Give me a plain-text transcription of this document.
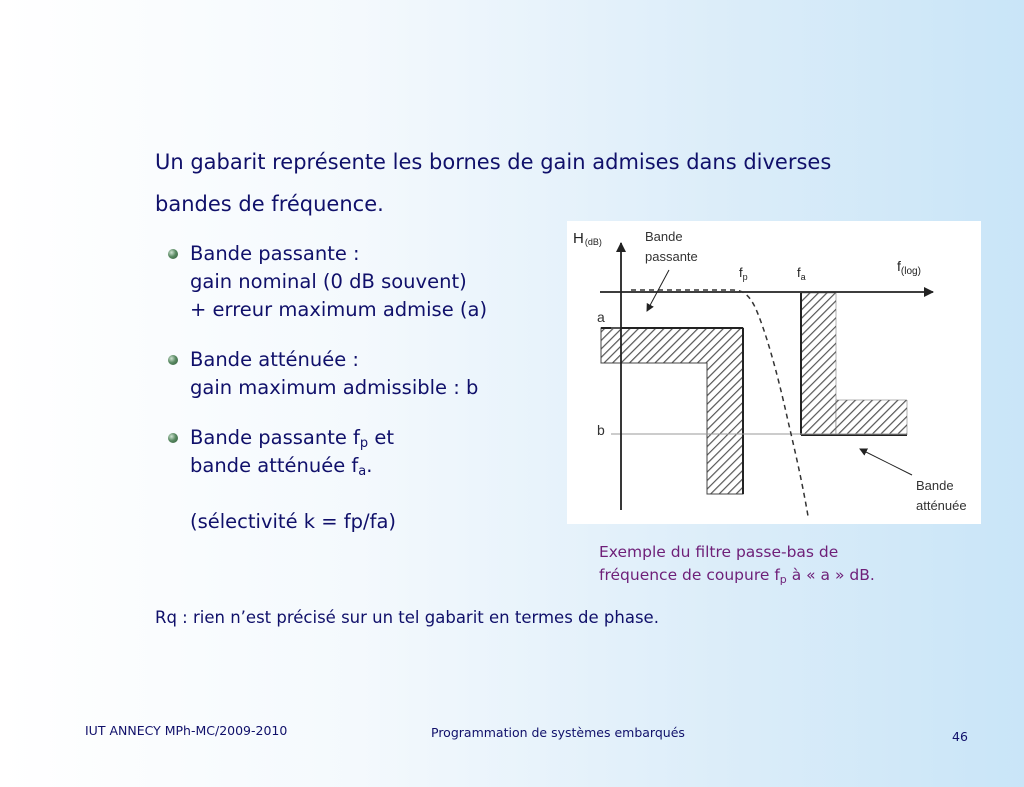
Un gabarit représente les bornes de gain admises dans diverses
bandes de fréquence.
Bande passante :
gain nominal (0 dB souvent)
+ erreur maximum admise (a)
Bande atténuée :
gain maximum admissible : b
Bande passante $f_p$ et
bande atténuée $f_a$.
(sélectivité k = fp/fa)
H(dB)
$f_{(log)}$
$f_p$	$f_a$
a
b
Bande
passante
Bande
atténuée
Exemple du filtre passe-bas de
fréquence de coupure $f_p$ à « a » dB.
Rq : rien n’est précisé sur un tel gabarit en termes de phase.
IUT ANNECY MPh-MC/2009-2010	Programmation de systèmes embarqués	46
